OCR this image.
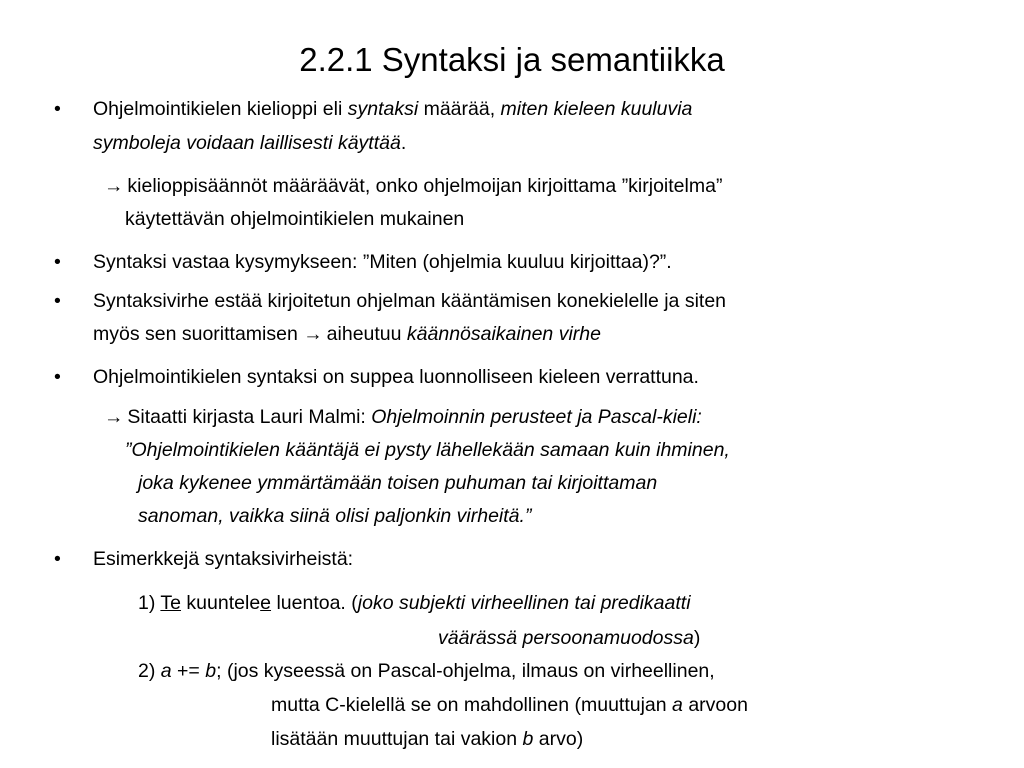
2.2.1 Syntaksi ja semantiikka
• Ohjelmointikielen kielioppi eli syntaksi määrää, miten kieleen kuuluvia
symboleja voidaan laillisesti käyttää.
→ kielioppisäännöt määräävät, onko ohjelmoijan kirjoittama ”kirjoitelma”
käytettävän ohjelmointikielen mukainen
• Syntaksi vastaa kysymykseen: ”Miten (ohjelmia kuuluu kirjoittaa)?”.
• Syntaksivirhe estää kirjoitetun ohjelman kääntämisen konekielelle ja siten
myös sen suorittamisen → aiheutuu käännösaikainen virhe
• Ohjelmointikielen syntaksi on suppea luonnolliseen kieleen verrattuna.
→ Sitaatti kirjasta Lauri Malmi: Ohjelmoinnin perusteet ja Pascal-kieli:
”Ohjelmointikielen kääntäjä ei pysty lähellekään samaan kuin ihminen,
joka kykenee ymmärtämään toisen puhuman tai kirjoittaman
sanoman, vaikka siinä olisi paljonkin virheitä.”
• Esimerkkejä syntaksivirheistä:
1) Te kuuntelee luentoa. (joko subjekti virheellinen tai predikaatti
väärässä persoonamuodossa)
2) a += b; (jos kyseessä on Pascal-ohjelma, ilmaus on virheellinen,
mutta C-kielellä se on mahdollinen (muuttujan a arvoon
lisätään muuttujan tai vakion b arvo)
